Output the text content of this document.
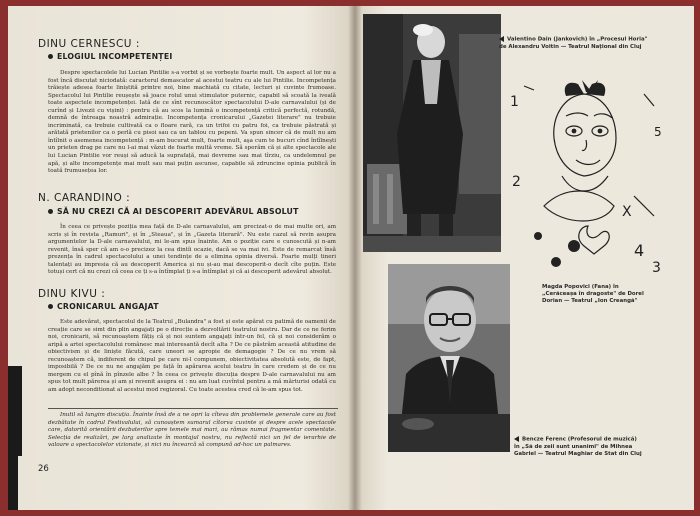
DINU CERNESCU :
ELOGIUL INCOMPETENȚEI

Despre spectacolele lui Lucian Pintilie s-a vorbit și se vorbește foarte mult. Un aspect al lor nu a fost încă discutat niciodată: caracterul demascator al acestui teatru cu ale lui Pintilie. Incompetența trăiește adesea foarte liniștită printre noi, bine machiată cu citate, lecturi și cuvinte frumoase. Spectacolul lui Pintilie reușește să joace rolul unui stimulator puternic, capabil să scoată la iveală toate aspectele incompetenței. Iată de ce sînt recunoscător spectacolului D-ale carnavalului (și de curînd și Livezii cu vișini) : pentru că au scos la lumină o incompetență critică perfectă, rotundă, demnă de întreaga noastră admirație. Incompetența cronicarului „Gazetei literare" nu trebuie incriminată, ca trebuie cultivată ca o floare rară, ca un trifoi cu patru foi, ca trebuie păstrată și arătată prietenilor ca o perlă cu pisoi sau ca un tablou cu pepeni. Va spun sincer că de mult nu am întîlnit o asemenea incompetență : m-am bucurat mult, foarte mult, aşa cum te bucuri cînd întîlnești un prieten drag pe care nu l-ai mai văzut de foarte multă vreme. Să sperăm că și alte spectacole ale lui Lucian Pintilie vor reuși să aducă la suprafață, mai devreme sau mai tîrziu, ca undelemnul pe apă, și alte incompetențe mai mult sau mai puțin ascunse, capabile să zdruncine opinia publică în toată frumusețea lor.

N. CARANDINO :
SĂ NU CREZI CĂ AI DESCOPERIT ADEVĂRUL ABSOLUT

În ceea ce privește poziția mea față de D-ale carnavalului, am precizat-o de mai multe ori, am scris și în revista „Ramuri", și în „Steaua", și în „Gazeta literară". Nu este cazul să revin asupra argumentelor la D-ale carnavalului, mi le-am spus înainte. Am o poziție care e cunoscută și n-am revenit, însă sper că am o-o precizez la cea dintîi ocazie, dacă se va mai ivi. Este de remarcat însă prezența în cadrul spectacolului a unei tendințe de a elimina opinia diversă. Foarte mulți tineri talentați au impresia că au descoperit America și nu și-au mai descoperit-o decît cîte puțin. Este totuși cert că nu crezi că ceea ce ți s-a întîmplat ți s-a întîmplat și că ai descoperit adevărul absolut.

DINU KIVU :
CRONICARUL ANGAJAT

Este adevărat, spectacolul de la Teatrul „Bulandra" a fost și este apărat cu patimă de oamenii de creație care se simt din plin angajați pe o direcție a dezvoltării teatrului nostru. Dar de ce ne ferim noi, cronicarii, să recunoaștem fățiș că și noi suntem angajați într-un fel, că și noi considerăm o aripă a artei spectacolului românesc mai interesantă decît alta ? De ce păstrăm această atitudine de obiectivism și de liniște făcută, care uneori se apropie de demagogie ? De ce nu vrem să recunoaștem că, indiferent de chipul pe care ni-l compunem, obiectivitatea absolută este, de fapt, imposibilă ? De ce nu ne angajăm pe față în apărarea acelui teatru în care credem și de ce nu mergem cu el pînă în pînzele albe ? În ceea ce privește discuția despre D-ale carnavalului nu am spus tot mult părerea și am și revenit asupra ei : nu am luat cuvîntul pentru a mă mărturisi odată cu am adopt neconditionat al acestui mod regizoral. Cu toate acestea cred că le-am spus tot.

Inutil să lungim discuția. Înainte însă de a ne opri la cîteva din problemele generale care au fost dezbătute în cadrul Festivalului, să cunoaștem sumarul cîtorva cuvinte și despre acele spectacole care, datorită orientării dezbaterilor spre temele mai mari, au rămas numai fragmentar comentate. Selecția de realizări, pe larg analizate în montajul nostru, nu reflectă nici un fel de ierarhie de valoare a spectacolelor vizionate, și nici nu încearcă să compună ad-hoc un palmares.

26
Valentino Dain (Jankovich) în „Procesul Horia"
de Alexandru Voitin — Teatrul Național din Cluj
1
2
4
3
5
X
Magda Popovici (Fana) în „Cerăceașa în dragoste" de Dorel Dorian — Teatrul „Ion Creangă"
Bencze Ferenc (Profesorul de muzică) în „Să de zeii sunt unanimi" de Mihnea Gabriel — Teatrul Maghiar de Stat din Cluj
